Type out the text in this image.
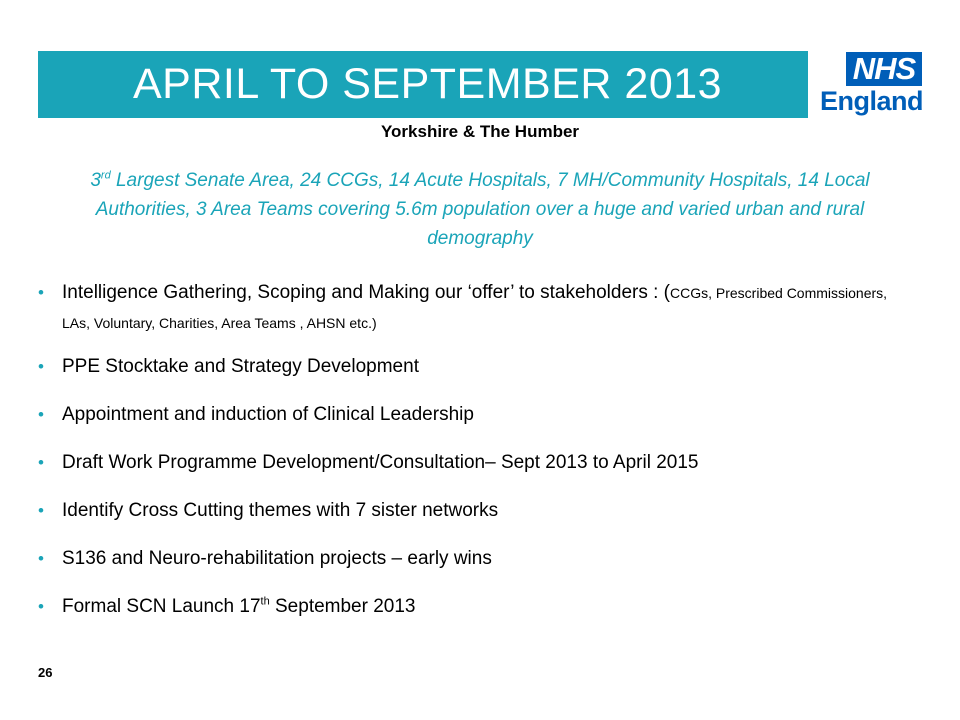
APRIL TO SEPTEMBER 2013	NHS
England
Yorkshire & The Humber
3rd Largest Senate Area, 24 CCGs, 14 Acute Hospitals, 7 MH/Community Hospitals, 14 Local Authorities, 3 Area Teams covering 5.6m population over a huge and varied urban and rural demography
• Intelligence Gathering, Scoping and Making our ‘offer’ to stakeholders : (CCGs, Prescribed Commissioners, LAs, Voluntary, Charities, Area Teams , AHSN etc.)
• PPE Stocktake and Strategy Development
• Appointment and induction of Clinical Leadership
• Draft Work Programme Development/Consultation– Sept 2013 to April 2015
• Identify Cross Cutting themes with 7 sister networks
• S136 and Neuro-rehabilitation projects – early wins
• Formal SCN Launch 17th September 2013
26
